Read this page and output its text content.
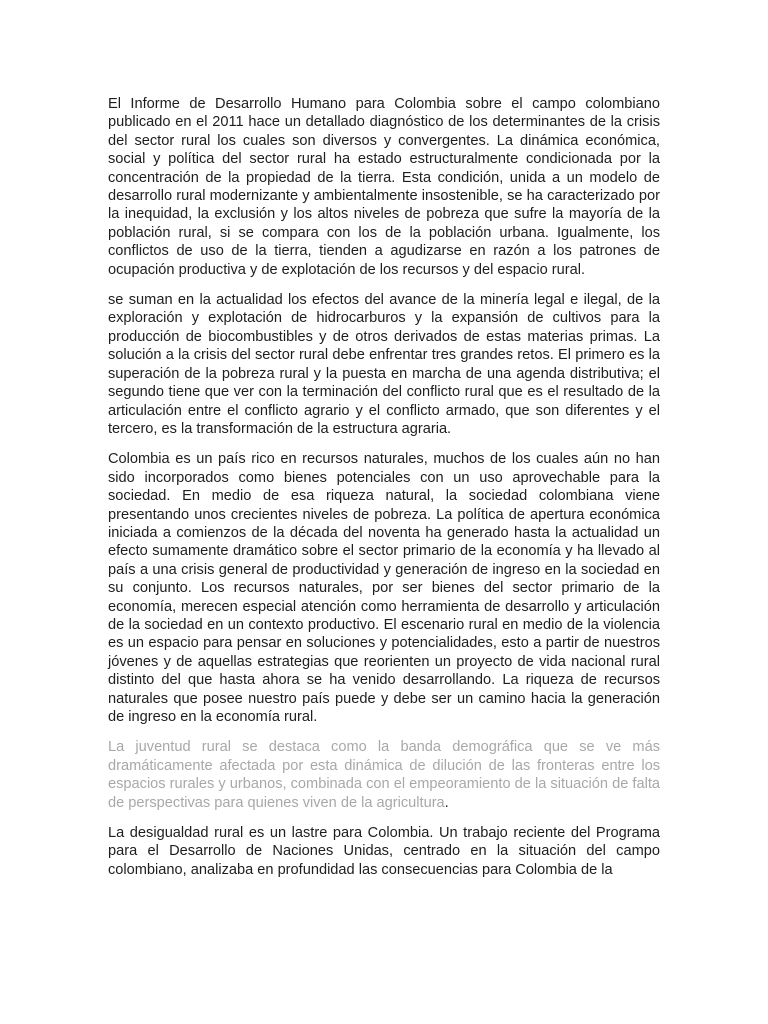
El Informe de Desarrollo Humano para Colombia sobre el campo colombiano publicado en el 2011 hace un detallado diagnóstico de los determinantes de la crisis del sector rural los cuales son diversos y convergentes. La dinámica económica, social y política del sector rural ha estado estructuralmente condicionada por la concentración de la propiedad de la tierra. Esta condición, unida a un modelo de desarrollo rural modernizante y ambientalmente insostenible, se ha caracterizado por la inequidad, la exclusión y los altos niveles de pobreza que sufre la mayoría de la población rural, si se compara con los de la población urbana. Igualmente, los conflictos de uso de la tierra, tienden a agudizarse en razón a los patrones de ocupación productiva y de explotación de los recursos y del espacio rural.

se suman en la actualidad los efectos del avance de la minería legal e ilegal, de la exploración y explotación de hidrocarburos y la expansión de cultivos para la producción de biocombustibles y de otros derivados de estas materias primas. La solución a la crisis del sector rural debe enfrentar tres grandes retos. El primero es la superación de la pobreza rural y la puesta en marcha de una agenda distributiva; el segundo tiene que ver con la terminación del conflicto rural que es el resultado de la articulación entre el conflicto agrario y el conflicto armado, que son diferentes y el tercero, es la transformación de la estructura agraria.

Colombia es un país rico en recursos naturales, muchos de los cuales aún no han sido incorporados como bienes potenciales con un uso aprovechable para la sociedad. En medio de esa riqueza natural, la sociedad colombiana viene presentando unos crecientes niveles de pobreza. La política de apertura económica iniciada a comienzos de la década del noventa ha generado hasta la actualidad un efecto sumamente dramático sobre el sector primario de la economía y ha llevado al país a una crisis general de productividad y generación de ingreso en la sociedad en su conjunto. Los recursos naturales, por ser bienes del sector primario de la economía, merecen especial atención como herramienta de desarrollo y articulación de la sociedad en un contexto productivo. El escenario rural en medio de la violencia es un espacio para pensar en soluciones y potencialidades, esto a partir de nuestros jóvenes y de aquellas estrategias que reorienten un proyecto de vida nacional rural distinto del que hasta ahora se ha venido desarrollando. La riqueza de recursos naturales que posee nuestro país puede y debe ser un camino hacia la generación de ingreso en la economía rural.

La juventud rural se destaca como la banda demográfica que se ve más dramáticamente afectada por esta dinámica de dilución de las fronteras entre los espacios rurales y urbanos, combinada con el empeoramiento de la situación de falta de perspectivas para quienes viven de la agricultura.

La desigualdad rural es un lastre para Colombia. Un trabajo reciente del Programa para el Desarrollo de Naciones Unidas, centrado en la situación del campo colombiano, analizaba en profundidad las consecuencias para Colombia de la
